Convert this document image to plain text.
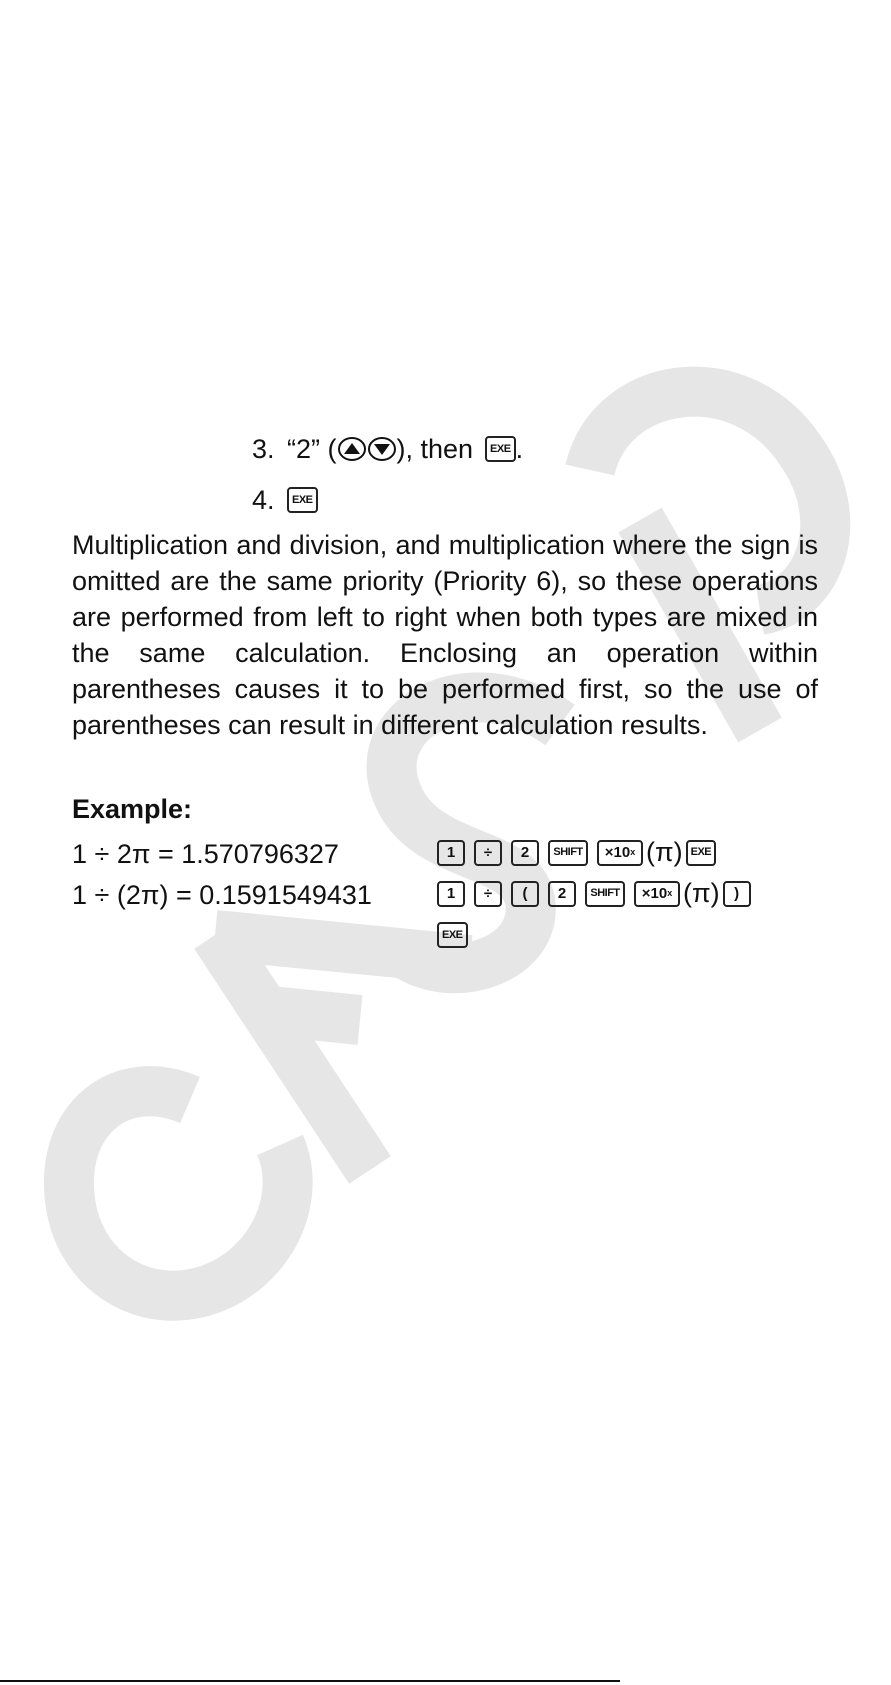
3. “2” ( ), then	EXE .
4.	EXE

Multiplication and division, and multiplication where the sign is omitted are the same priority (Priority 6), so these operations are performed from left to right when both types are mixed in the same calculation. Enclosing an operation within parentheses causes it to be performed first, so the use of parentheses can result in different calculation results.

Example:
1 ÷ 2π = 1.570796327	1	÷	2	SHIFT	×10 x (π) EXE
1 ÷ (2π) = 0.1591549431	1	÷	(	2	SHIFT	×10 x (π) )
EXE
